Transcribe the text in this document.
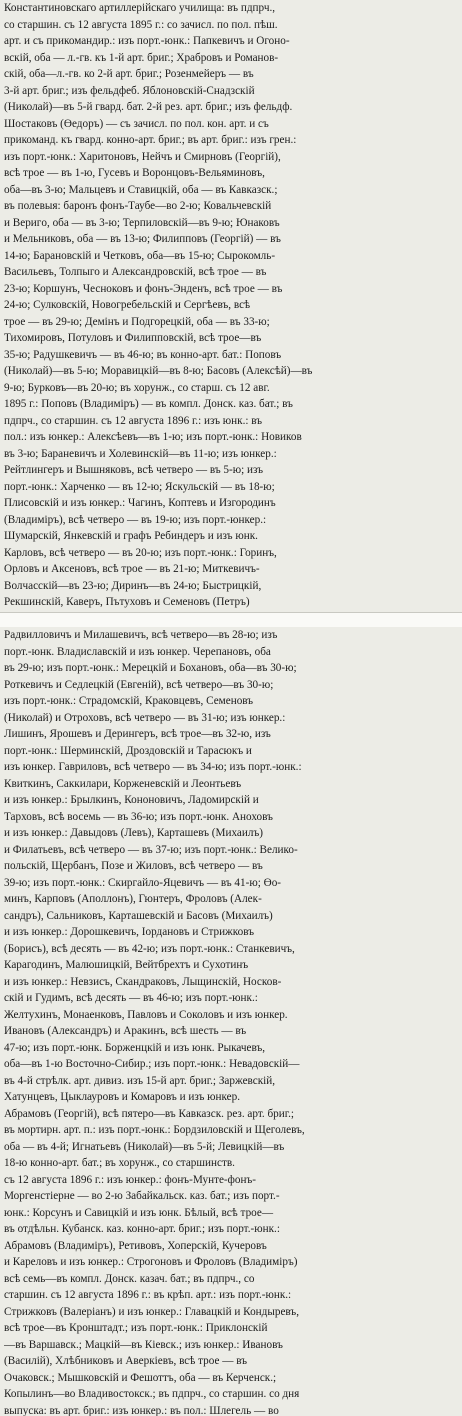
Константиновскаго артиллерійскаго училища: въ пдпрч.,
со старшин. съ 12 августа 1895 г.: со зачисл. по пол. пѣш.
арт. и съ прикомандир.: изъ порт.-юнк.: Папкевичъ и Огоно-
вскій, оба — л.-гв. къ 1-й арт. бриг.; Храбровъ и Романов-
скій, оба—л.-гв. ко 2-й арт. бриг.; Розенмейеръ — въ
3-й арт. бриг.; изъ фельдфеб. Яблоновскій-Снадзскій
(Николай)—въ 5-й гвард. бат. 2-й рез. арт. бриг.; изъ фельдф.
Шостаковъ (Өедоръ) — съ зачисл. по пол. кон. арт. и съ
прикоманд. къ гвард. конно-арт. бриг.; въ арт. бриг.: изъ грен.:
изъ порт.-юнк.: Харитоновъ, Нейчъ и Смирновъ (Георгій),
всѣ трое — въ 1-ю, Гусевъ и Воронцовъ-Вельяминовъ,
оба—въ 3-ю; Мальцевъ и Ставицкій, оба — въ Кавказск.;
въ полевыя: баронъ фонъ-Таубе—во 2-ю; Ковальчевскій
и Веригo, оба — въ 3-ю; Терпиловскій—въ 9-ю; Юнаковъ
и Мельниковъ, оба — въ 13-ю; Филипповъ (Георгій) — въ
14-ю; Барановскій и Четковъ, оба—въ 15-ю; Сырокомль-
Васильевъ, Толпыго и Александровскій, всѣ трое — въ
23-ю; Коршунъ, Чесноковъ и фонъ-Энденъ, всѣ трое — въ
24-ю; Сулковскій, Новогребельскій и Сергѣевъ, всѣ
трое — въ 29-ю; Демінъ и Подгорецкій, оба — въ 33-ю;
Тихомировъ, Потуловъ и Филипповскій, всѣ трое—въ
35-ю; Радушкевичъ — въ 46-ю; въ конно-арт. бат.: Поповъ
(Николай)—въ 5-ю; Моравицкій—въ 8-ю; Басовъ (Алексѣй)—въ
9-ю; Бурковъ—въ 20-ю; въ хорунж., со старш. съ 12 авг.
1895 г.: Поповъ (Владиміръ) — въ компл. Донск. каз. бат.; въ
пдпрч., со старшин. съ 12 августа 1896 г.: изъ юнк.: въ
пол.: изъ юнкер.: Алексѣевъ—въ 1-ю; изъ порт.-юнк.: Новиков
въ 3-ю; Бараневичъ и Холевинскій—въ 11-ю; изъ юнкер.:
Рейтлингеръ и Вышняковъ, всѣ четверо — въ 5-ю; изъ
порт.-юнк.: Харченко — въ 12-ю; Яскульскій — въ 18-ю;
Плисовскій и изъ юнкер.: Чагинъ, Коптевъ и Изгородинъ
(Владиміръ), всѣ четверо — въ 19-ю; изъ порт.-юнкер.:
Шумарскій, Янкевскій и графъ Ребиндеръ и изъ юнк.
Карловъ, всѣ четверо — въ 20-ю; изъ порт.-юнк.: Горинъ,
Орловъ и Аксеновъ, всѣ трое — въ 21-ю; Миткевичъ-
Волчасскій—въ 23-ю; Диринъ—въ 24-ю; Быстрицкій,
Рекшинскій, Каверъ, Пътуховъ и Семеновъ (Петръ)
Радвилловичъ и Милашевичъ, всѣ четверо—въ 28-ю; изъ
порт.-юнк. Владиславскій и изъ юнкер. Черепановъ, оба
въ 29-ю; изъ порт.-юнк.: Мерецкій и Бохановъ, оба—въ 30-ю;
Роткевичъ и Седлецкій (Евгеній), всѣ четверо—въ 30-ю;
изъ порт.-юнк.: Страдомскій, Краковцевъ, Семеновъ
(Николай) и Отроховъ, всѣ четверо — въ 31-ю; изъ юнкер.:
Лишинъ, Ярошевъ и Дерингеръ, всѣ трое—въ 32-ю, изъ
порт.-юнк.: Шерминскій, Дроздовскій и Тарасюкъ и
изъ юнкер. Гавриловъ, всѣ четверо — въ 34-ю; изъ порт.-юнк.:
Квиткинъ, Саккилари, Корженевскій и Леонтьевъ
и изъ юнкер.: Брылкинъ, Кононовичъ, Ладомирскій и
Тарховъ, всѣ восемь — въ 36-ю; изъ порт.-юнк. Аноховъ
и изъ юнкер.: Давыдовъ (Левъ), Карташевъ (Михаилъ)
и Филатьевъ, всѣ четверо — въ 37-ю; изъ порт.-юнк.: Велико-
польскій, Щербанъ, Позе и Жиловъ, всѣ четверо — въ
39-ю; изъ порт.-юнк.: Скиргайло-Яцевичъ — въ 41-ю; Өо-
минъ, Карповъ (Аполлонъ), Гюнтеръ, Фроловъ (Алек-
сандръ), Сальниковъ, Карташевскій и Басовъ (Михаилъ)
и изъ юнкер.: Дорошкевичъ, Іордановъ и Стрижковъ
(Борисъ), всѣ десять — въ 42-ю; изъ порт.-юнк.: Станкевичъ,
Карагодинъ, Малюшицкій, Вейтбрехтъ и Сухотинъ
и изъ юнкер.: Невзисъ, Скандраковъ, Лыщинскій, Носков-
скій и Гудимъ, всѣ десять — въ 46-ю; изъ порт.-юнк.:
Желтухинъ, Монаенковъ, Павловъ и Соколовъ и изъ юнкер.
Ивановъ (Александръ) и Аракинъ, всѣ шесть — въ
47-ю; изъ порт.-юнк. Борженцкій и изъ юнк. Рыкачевъ,
оба—въ 1-ю Восточно-Сибир.; изъ порт.-юнк.: Невадовскій—
въ 4-й стрѣлк. арт. дивиз. изъ 15-й арт. бриг.; Заржевскій,
Хатунцевъ, Цыклауровъ и Комаровъ и изъ юнкер.
Абрамовъ (Георгій), всѣ пятеро—въ Кавказск. рез. арт. бриг.;
въ мортирн. арт. п.: изъ порт.-юнк.: Бордзиловскій и Щеголевъ,
оба — въ 4-й; Игнатьевъ (Николай)—въ 5-й; Левицкій—въ
18-ю конно-арт. бат.; въ хорунж., со старшинств.
съ 12 августа 1896 г.: изъ юнкер.: фонъ-Мунте-фонъ-
Моргенстіерне — во 2-ю Забайкальск. каз. бат.; изъ порт.-
юнк.: Корсунъ и Савицкій и изъ юнк. Бѣлый, всѣ трое—
въ отдѣльн. Кубанск. каз. конно-арт. бриг.; изъ порт.-юнк.:
Абрамовъ (Владиміръ), Ретивовъ, Хоперскій, Кучеровъ
и Кареловъ и изъ юнкер.: Строгоновъ и Фроловъ (Владиміръ)
всѣ семь—въ компл. Донск. казач. бат.; въ пдпрч., со
старшин. съ 12 августа 1896 г.: въ крѣп. арт.: изъ порт.-юнк.:
Стрижковъ (Валеріанъ) и изъ юнкер.: Главацкій и Кондыревъ,
всѣ трое—въ Кронштадт.; изъ порт.-юнк.: Приклонскій
—въ Варшавск.; Мацкій—въ Кіевск.; изъ юнкер.: Ивановъ
(Василій), Хлѣбниковъ и Аверкіевъ, всѣ трое — въ
Очаковск.; Мышковскій и Фешоттъ, оба — въ Керченск.;
Копылинъ—во Владивостокск.; въ пдпрч., со старшин. со дня
выпуска: въ арт. бриг.: изъ юнкер.: въ пол.: Шлегель — во
